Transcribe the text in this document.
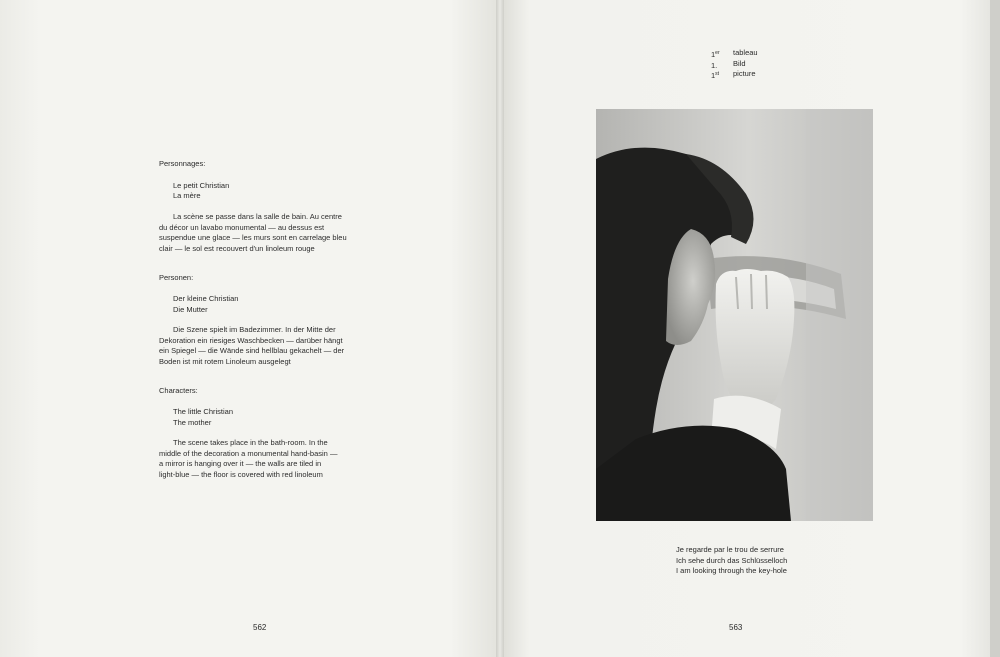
Personnages:
Le petit Christian
La mère
La scène se passe dans la salle de bain. Au centre
du décor un lavabo monumental — au dessus est
suspendue une glace — les murs sont en carrelage bleu
clair — le sol est recouvert d'un linoleum rouge
Personen:
Der kleine Christian
Die Mutter
Die Szene spielt im Badezimmer. In der Mitte der
Dekoration ein riesiges Waschbecken — darüber hängt
ein Spiegel — die Wände sind hellblau gekachelt — der
Boden ist mit rotem Linoleum ausgelegt
Characters:
The little Christian
The mother
The scene takes place in the bath-room. In the
middle of the decoration a monumental hand-basin —
a mirror is hanging over it — the walls are tiled in
light-blue — the floor is covered with red linoleum
562
1er	tableau
1.	Bild
1st	picture
Je regarde par le trou de serrure
Ich sehe durch das Schlüsselloch
I am looking through the key-hole
563
